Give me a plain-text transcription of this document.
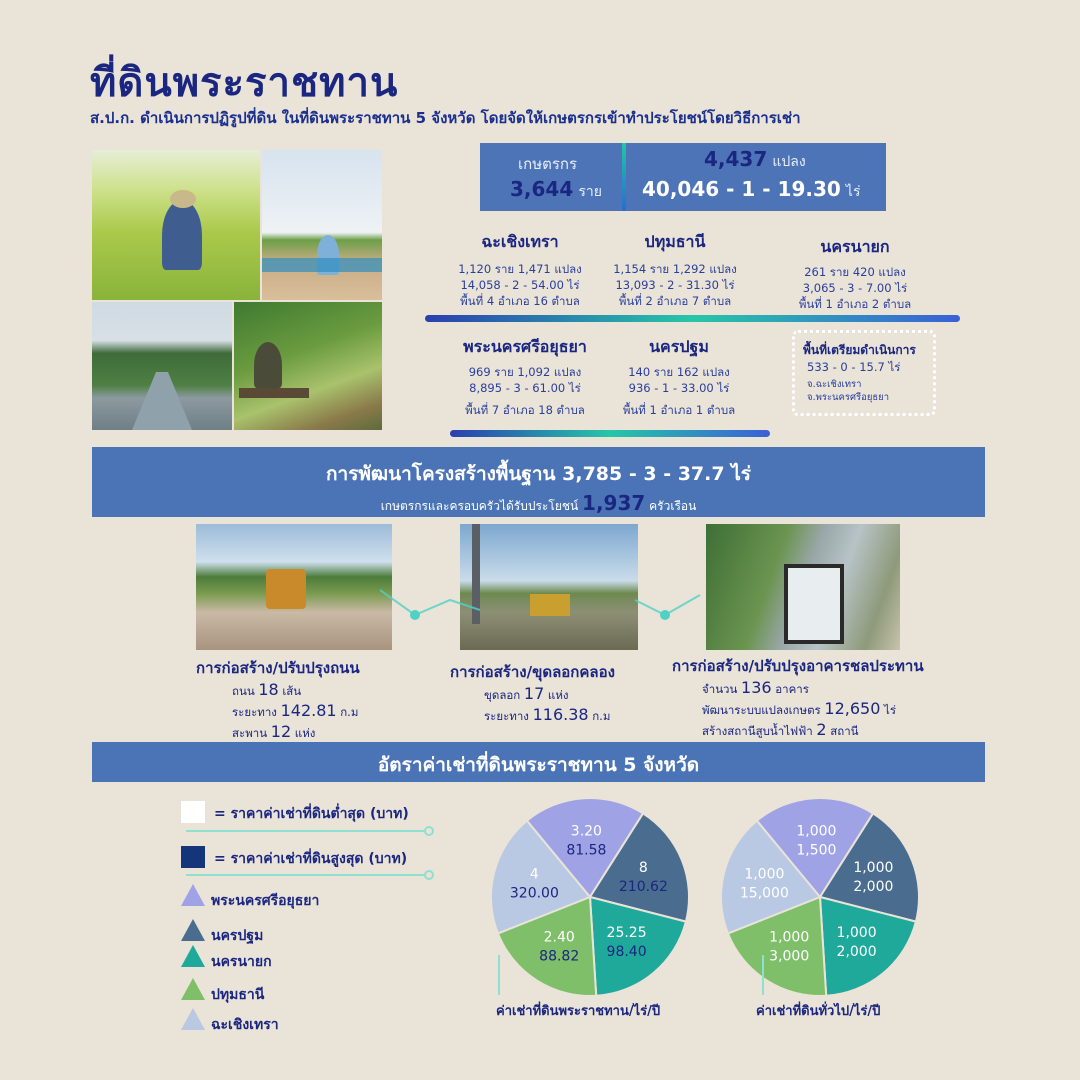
ที่ดินพระราชทาน
ส.ป.ก. ดำเนินการปฏิรูปที่ดิน ในที่ดินพระราชทาน 5 จังหวัด โดยจัดให้เกษตรกรเข้าทำประโยชน์โดยวิธีการเช่า
เกษตรกร
3,644 ราย
4,437 แปลง
40,046 - 1 - 19.30 ไร่
ฉะเชิงเทรา
1,120 ราย 1,471 แปลง
14,058 - 2 - 54.00 ไร่
พื้นที่ 4 อำเภอ 16 ตำบล
ปทุมธานี
1,154 ราย 1,292 แปลง
13,093 - 2 - 31.30 ไร่
พื้นที่ 2 อำเภอ 7 ตำบล
นครนายก
261 ราย 420 แปลง
3,065 - 3 - 7.00 ไร่
พื้นที่ 1 อำเภอ 2 ตำบล
พระนครศรีอยุธยา
969 ราย 1,092 แปลง
8,895 - 3 - 61.00 ไร่
พื้นที่ 7 อำเภอ 18 ตำบล
นครปฐม
140 ราย 162 แปลง
936 - 1 - 33.00 ไร่
พื้นที่ 1 อำเภอ 1 ตำบล
พื้นที่เตรียมดำเนินการ
533 - 0 - 15.7 ไร่
จ.ฉะเชิงเทรา
จ.พระนครศรีอยุธยา
การพัฒนาโครงสร้างพื้นฐาน 3,785 - 3 - 37.7 ไร่
เกษตรกรและครอบครัวได้รับประโยชน์ 1,937 ครัวเรือน
การก่อสร้าง/ปรับปรุงถนน
ถนน 18 เส้น
ระยะทาง 142.81 ก.ม
สะพาน 12 แห่ง
การก่อสร้าง/ขุดลอกคลอง
ขุดลอก 17 แห่ง
ระยะทาง 116.38 ก.ม
การก่อสร้าง/ปรับปรุงอาคารชลประทาน
จำนวน 136 อาคาร
พัฒนาระบบแปลงเกษตร 12,650 ไร่
สร้างสถานีสูบน้ำไฟฟ้า 2 สถานี
อัตราค่าเช่าที่ดินพระราชทาน 5 จังหวัด
= ราคาค่าเช่าที่ดินต่ำสุด (บาท)
= ราคาค่าเช่าที่ดินสูงสุด (บาท)
พระนครศรีอยุธยา
นครปฐม
นครนายก
ปทุมธานี
ฉะเชิงเทรา
3.20
81.58
8
210.62
25.25
98.40
2.40
88.82
4
320.00
1,000
1,500
1,000
2,000
1,000
2,000
1,000
3,000
1,000
15,000
ค่าเช่าที่ดินพระราชทาน/ไร่/ปี	ค่าเช่าที่ดินทั่วไป/ไร่/ปี
